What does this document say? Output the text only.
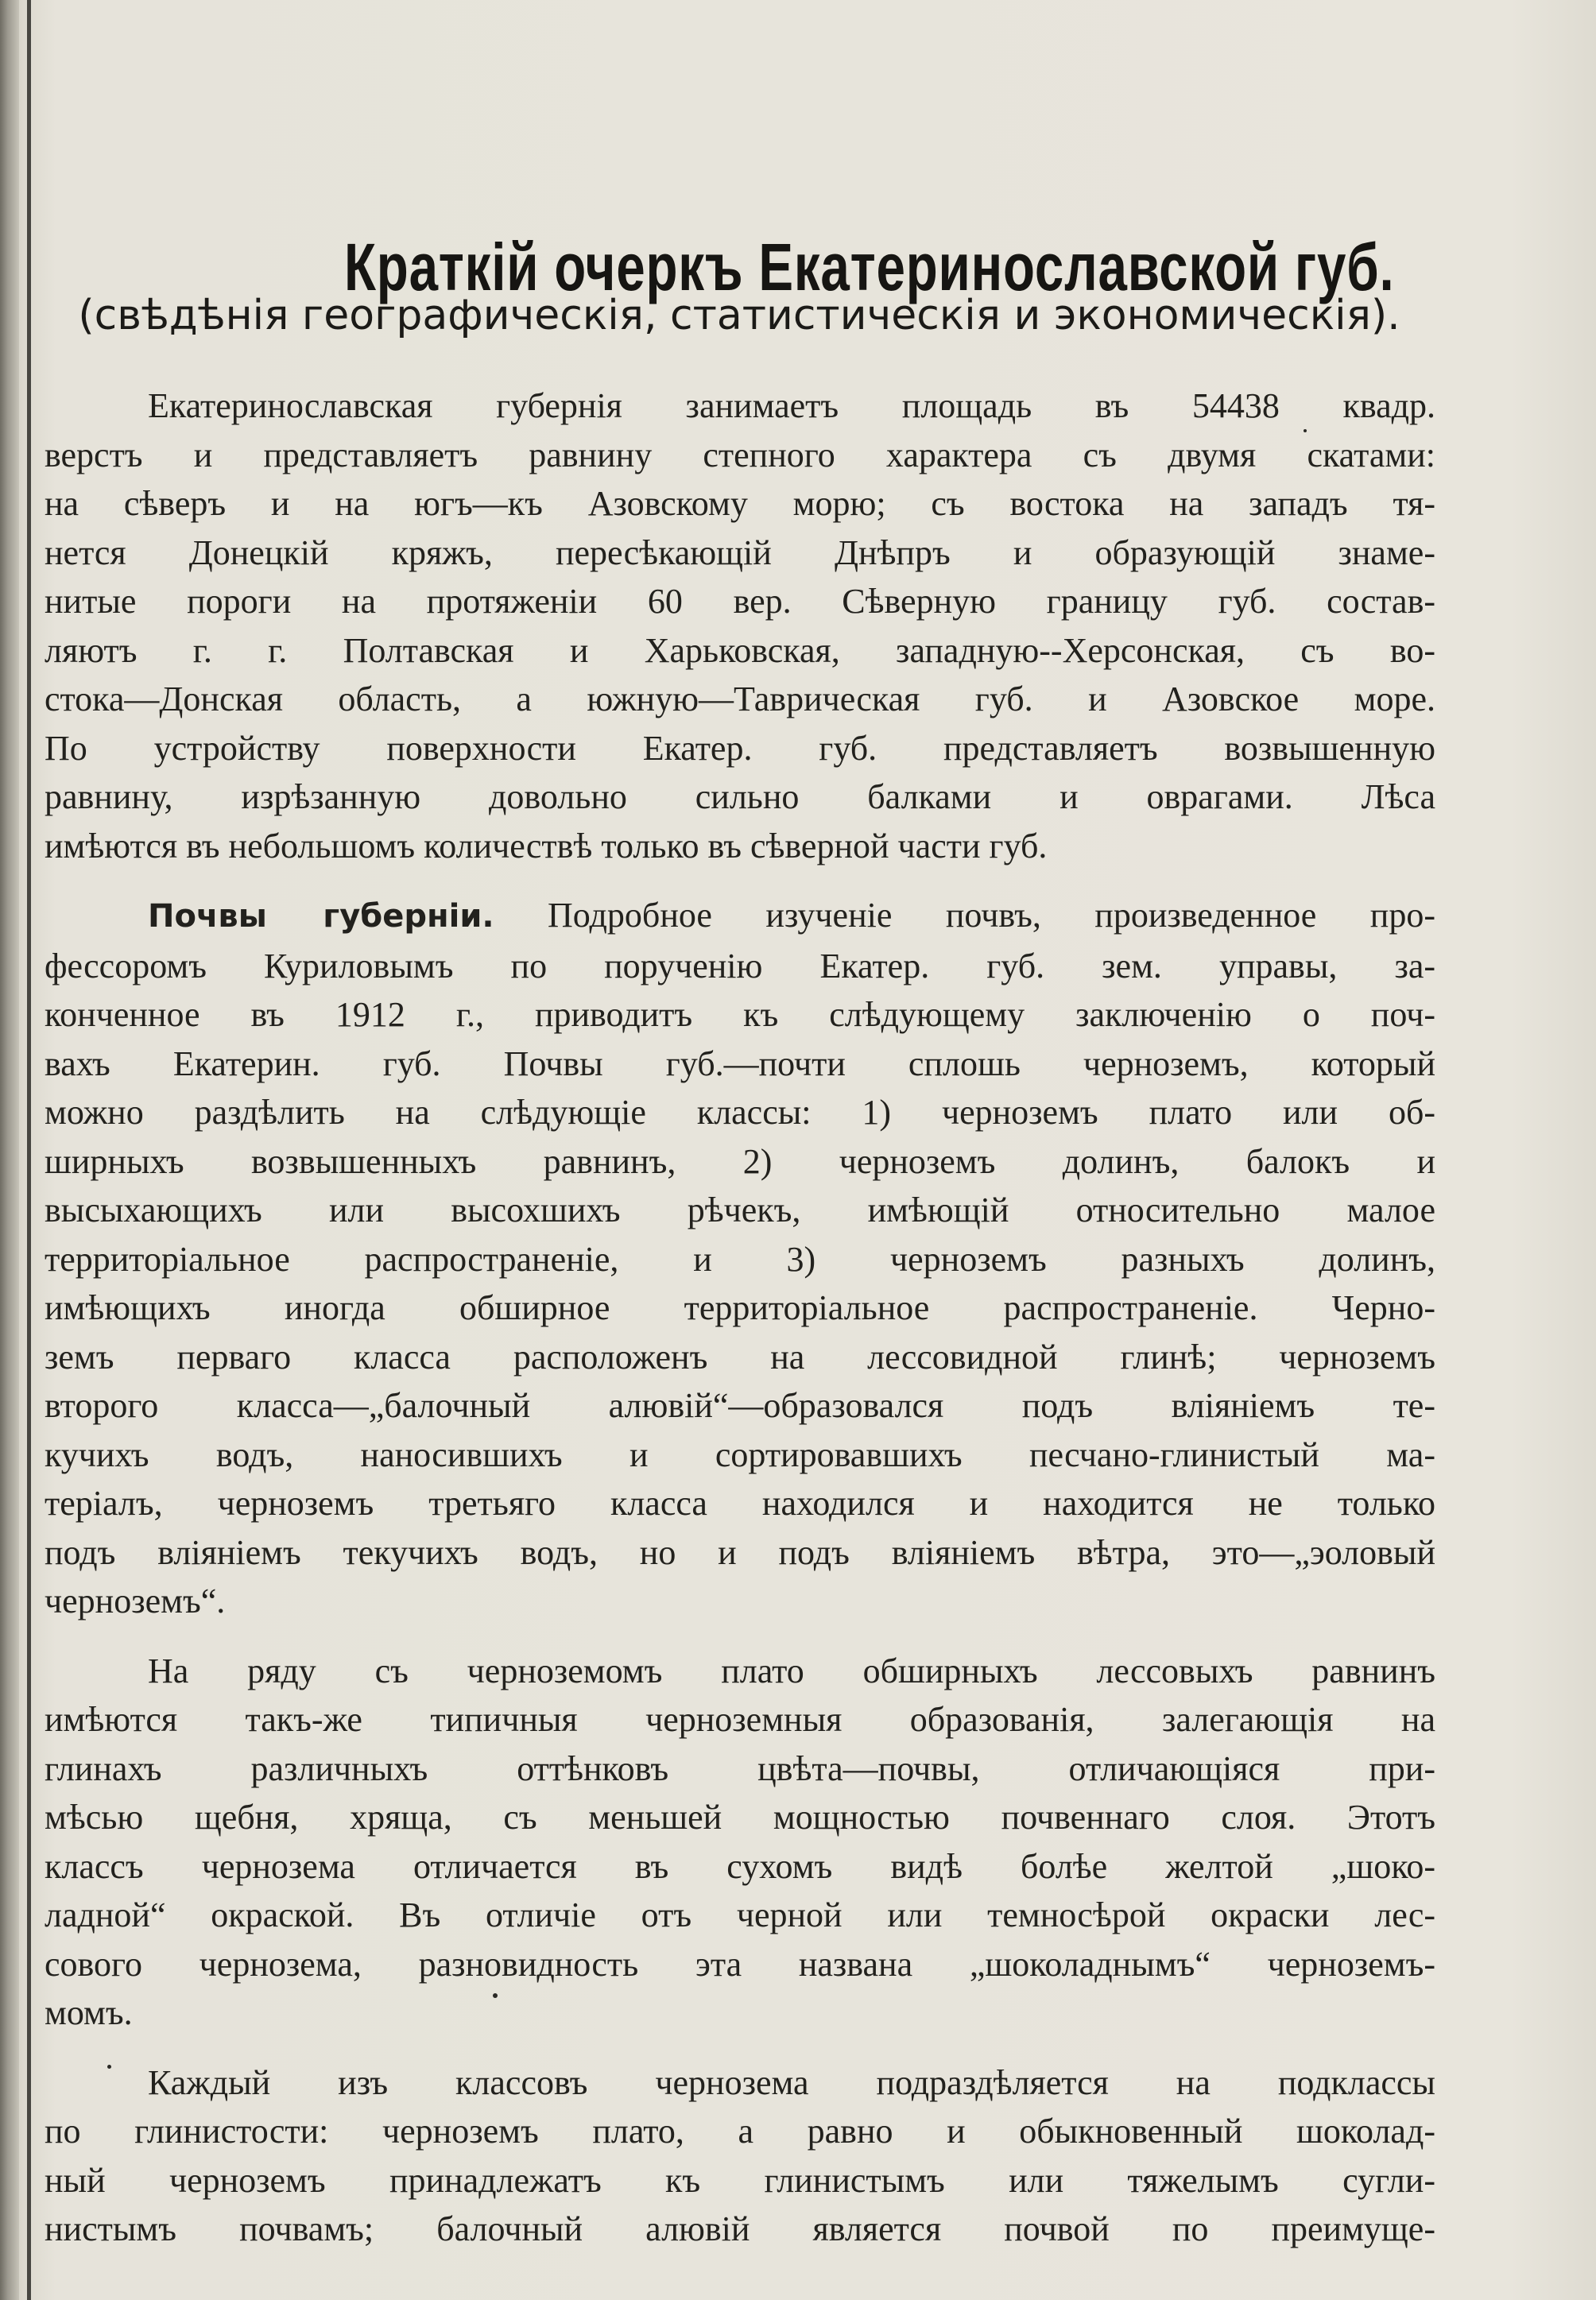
Краткій очеркъ Екатеринославской губ.
(свѣдѣнія географическія, статистическія и экономическія).
Екатеринославская губернія занимаетъ площадь въ 54438 квадр.
верстъ и представляетъ равнину степного характера съ двумя скатами:
на сѣверъ и на югъ—къ Азовскому морю; съ востока на западъ тя-
нется Донецкій кряжъ, пересѣкающій Днѣпръ и образующій знаме-
нитые пороги на протяженіи 60 вер. Сѣверную границу губ. состав-
ляютъ г. г. Полтавская и Харьковская, западную--Херсонская, съ во-
стока—Донская область, а южную—Таврическая губ. и Азовское море.
По устройству поверхности Екатер. губ. представляетъ возвышенную
равнину, изрѣзанную довольно сильно балками и оврагами. Лѣса
имѣются въ небольшомъ количествѣ только въ сѣверной части губ.
Почвы губерніи. Подробное изученіе почвъ, произведенное про-
фессоромъ Куриловымъ по порученію Екатер. губ. зем. управы, за-
конченное въ 1912 г., приводитъ къ слѣдующему заключенію о поч-
вахъ Екатерин. губ. Почвы губ.—почти сплошь черноземъ, который
можно раздѣлить на слѣдующіе классы: 1) черноземъ плато или об-
ширныхъ возвышенныхъ равнинъ, 2) черноземъ долинъ, балокъ и
высыхающихъ или высохшихъ рѣчекъ, имѣющій относительно малое
территоріальное распространеніе, и 3) черноземъ разныхъ долинъ,
имѣющихъ иногда обширное территоріальное распространеніе. Черно-
земъ перваго класса расположенъ на лессовидной глинѣ; черноземъ
второго класса—„балочный алювій“—образовался подъ вліяніемъ те-
кучихъ водъ, наносившихъ и сортировавшихъ песчано-глинистый ма-
теріалъ, черноземъ третьяго класса находился и находится не только
подъ вліяніемъ текучихъ водъ, но и подъ вліяніемъ вѣтра, это—„эоловый
черноземъ“.
На ряду съ черноземомъ плато обширныхъ лессовыхъ равнинъ
имѣются такъ-же типичныя черноземныя образованія, залегающія на
глинахъ различныхъ оттѣнковъ цвѣта—почвы, отличающіяся при-
мѣсью щебня, хряща, съ меньшей мощностью почвеннаго слоя. Этотъ
классъ чернозема отличается въ сухомъ видѣ болѣе желтой „шоко-
ладной“ окраской. Въ отличіе отъ черной или темносѣрой окраски лес-
сового чернозема, разновидность эта названа „шоколаднымъ“ черноземъ-
момъ.
Каждый изъ классовъ чернозема подраздѣляется на подклассы
по глинистости: черноземъ плато, а равно и обыкновенный шоколад-
ный черноземъ принадлежатъ къ глинистымъ или тяжелымъ сугли-
нистымъ почвамъ; балочный алювій является почвой по преимуще-
